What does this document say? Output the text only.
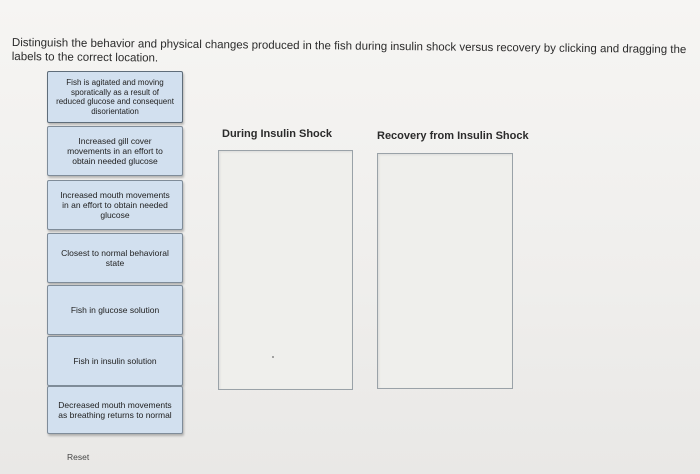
Distinguish the behavior and physical changes produced in the fish during insulin shock versus recovery by clicking and dragging the labels to the correct location.
Fish is agitated and moving sporatically as a result of reduced glucose and consequent disorientation
Increased gill cover movements in an effort to obtain needed glucose
Increased mouth movements in an effort to obtain needed glucose
Closest to normal behavioral state
Fish in glucose solution
Fish in insulin solution
Decreased mouth movements as breathing returns to normal
During Insulin Shock	Recovery from Insulin Shock
Reset
